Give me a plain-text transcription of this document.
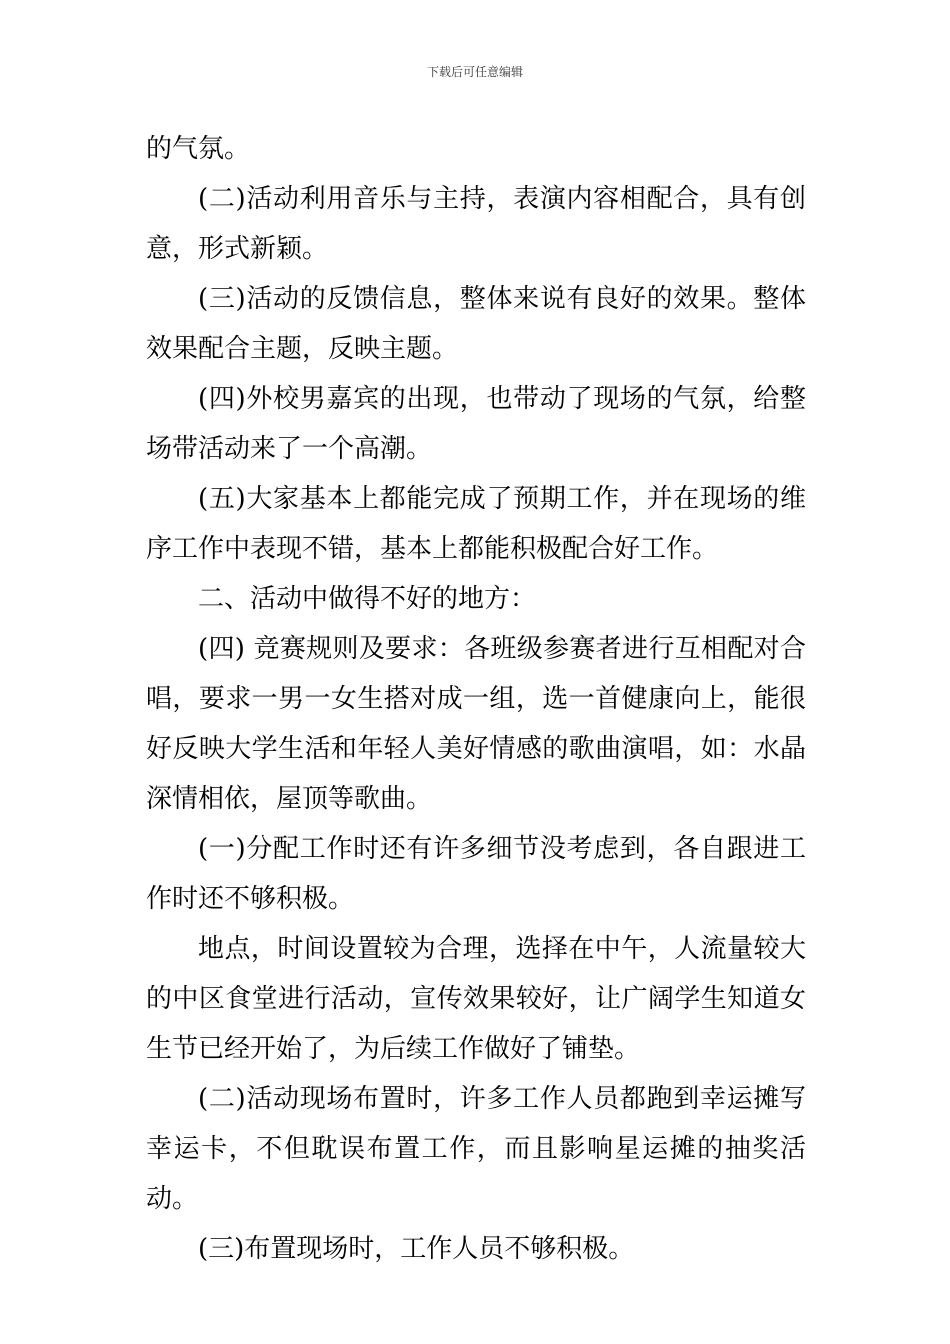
下载后可任意编辑

的气氛。

(二)活动利用音乐与主持，表演内容相配合，具有创意，形式新颖。

(三)活动的反馈信息，整体来说有良好的效果。整体效果配合主题，反映主题。

(四)外校男嘉宾的出现，也带动了现场的气氛，给整场带活动来了一个高潮。

(五)大家基本上都能完成了预期工作，并在现场的维序工作中表现不错，基本上都能积极配合好工作。

二、活动中做得不好的地方：

(四) 竞赛规则及要求：各班级参赛者进行互相配对合唱，要求一男一女生搭对成一组，选一首健康向上，能很好反映大学生活和年轻人美好情感的歌曲演唱，如：水晶深情相依，屋顶等歌曲。

(一)分配工作时还有许多细节没考虑到，各自跟进工作时还不够积极。

地点，时间设置较为合理，选择在中午，人流量较大的中区食堂进行活动，宣传效果较好，让广阔学生知道女生节已经开始了，为后续工作做好了铺垫。

(二)活动现场布置时，许多工作人员都跑到幸运摊写幸运卡，不但耽误布置工作，而且影响星运摊的抽奖活动。

(三)布置现场时，工作人员不够积极。
